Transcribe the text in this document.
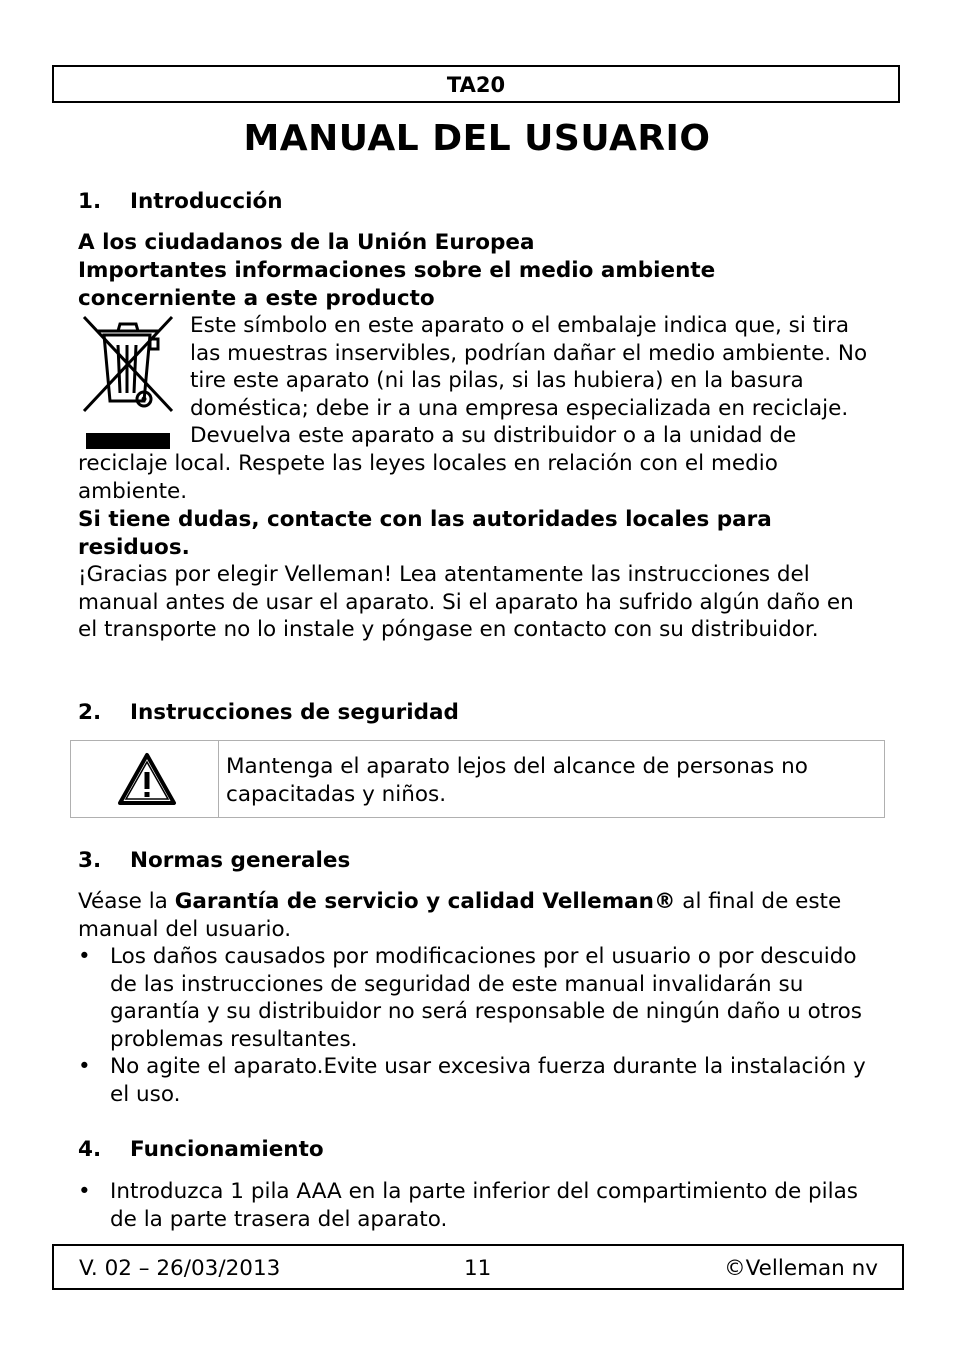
TA20
MANUAL DEL USUARIO
1. Introducción
A los ciudadanos de la Unión Europea
Importantes informaciones sobre el medio ambiente concerniente a este producto
Este símbolo en este aparato o el embalaje indica que, si tira las muestras inservibles, podrían dañar el medio ambiente. No tire este aparato (ni las pilas, si las hubiera) en la basura doméstica; debe ir a una empresa especializada en reciclaje. Devuelva este aparato a su distribuidor o a la unidad de reciclaje local. Respete las leyes locales en relación con el medio ambiente.
Si tiene dudas, contacte con las autoridades locales para residuos.
¡Gracias por elegir Velleman! Lea atentamente las instrucciones del manual antes de usar el aparato. Si el aparato ha sufrido algún daño en el transporte no lo instale y póngase en contacto con su distribuidor.
2. Instrucciones de seguridad
Mantenga el aparato lejos del alcance de personas no capacitadas y niños.
3. Normas generales
Véase la Garantía de servicio y calidad Velleman® al final de este manual del usuario.
• Los daños causados por modificaciones por el usuario o por descuido de las instrucciones de seguridad de este manual invalidarán su garantía y su distribuidor no será responsable de ningún daño u otros problemas resultantes.
• No agite el aparato.Evite usar excesiva fuerza durante la instalación y el uso.
4. Funcionamiento
• Introduzca 1 pila AAA en la parte inferior del compartimiento de pilas de la parte trasera del aparato.
V. 02 – 26/03/2013	11	©Velleman nv
